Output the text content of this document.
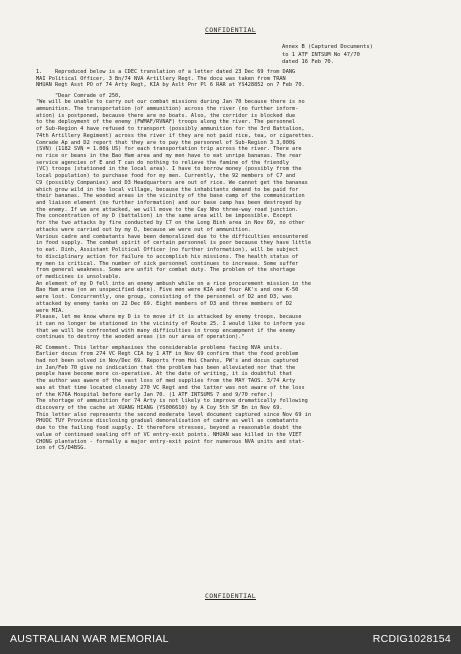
CONFIDENTIAL
Annex B (Captured Documents)
to 1 ATF INTSUM No 47/70
dated 16 Feb 70.
1.    Reproduced below is a CDEC translation of a letter dated 23 Dec 69 from DANG
MAI Political Officer, 3 Bn/74 NVA Artillery Regt. The docu was taken from TRAN
NHUAN Regt Asst PO of 74 Arty Regt, KIA by Aslt Pnr Pl 6 RAR at YS428852 on 7 Feb 70.
"Dear Comrade of 250,
"We will be unable to carry out our combat missions during Jan 70 because there is no
ammunition. The transportation (of ammunition) across the river (no further inform-
ation) is postponed, because there are no boats. Also, the corridor is blocked due
to the deployment of the enemy (FWMAF/RVNAF) troops along the river. The personnel
of Sub-Region 4 have refused to transport (possibly ammunition for the 3rd Battalion,
74th Artillery Regiment) across the river if they are not paid rice, tea, or cigarettes.
Comrade Ap and D2 report that they are to pay the personnel of Sub-Region 3 3,000$
(SVN) (1182 SVN = 1.00$ US) for each transportation trip across the river. There are
no rice or beans in the Bao Ham area and my men have to eat unripe bananas. The rear
service agencies of E and T can do nothing to relieve the famine of the friendly
(VC) troops (stationed in the local area). I have to borrow money (possibly from the
local population) to purchase food for my men. Currently, the 92 members of C7 and
C9 (possibly Companies) and D3 Headquarters are out of rice. We cannot get the bananas
which grow wild in the local village, because the inhabitants demand to be paid for
their bananas. The wooded areas in the vicinity of the base camp of the communication
and liaison element (no further information) and our base camp has been destroyed by
the enemy. If we are attacked, we will move to the Cay Nho three-way road junction.
The concentration of my D (battalion) in the same area will be impossible. Except
for the two attacks by fire conducted by C7 on the Long Binh area in Nov 69, no other
attacks were carried out by my D, because we were out of ammunition.
Various cadre and combatants have been demoralized due to the difficulties encountered
in food supply. The combat spirit of certain personnel is poor because they have little
to eat. Dinh, Assistant Political Officer (no further information), will be subject
to disciplinary action for failure to accomplish his missions. The health status of
my men is critical. The number of sick personnel continues to increase. Some suffer
from general weakness. Some are unfit for combat duty. The problem of the shortage
of medicines is unsolvable.
An element of my D fell into an enemy ambush while on a rice procurement mission in the
Bao Ham area (on an unspecified date). Five men were KIA and four AK's and one K-50
were lost. Concurrently, one group, consisting of the personnel of D2 and D3, was
attacked by enemy tanks on 22 Dec 69. Eight members of D3 and three members of D2
were MIA.
Please, let me know where my D is to move if it is attacked by enemy troops, because
it can no longer be stationed in the vicinity of Route 25. I would like to inform you
that we will be confronted with many difficulties in troop encampment if the enemy
continues to destroy the wooded areas (in our area of operation)."
RC Comment. This letter emphasises the considerable problems facing NVA units.
Earlier docus from 274 VC Regt CIA by 1 ATF in Nov 69 confirm that the food problem
had not been solved in Nov/Dec 69. Reports from Hoi Chanhs, PW's and docus captured
in Jan/Feb 70 give no indication that the problem has been alleviated nor that the
people have become more co-operative. At the date of writing, it is doubtful that
the author was aware of the vast loss of med supplies from the MAY TAOS. 3/74 Arty
was at that time located closeby 270 VC Regt and the latter was not aware of the loss
of the K76A Hospital before early Jan 70. (1 ATF INTSUMS 7 and 9/70 refer.)
The shortage of ammunition for 74 Arty is not likely to improve dramatically following
discovery of the cache at XUANG HIANG (YS006610) by A Coy 5th SF Bn in Nov 69.
This letter also represents the second moderate level document captured since Nov 69 in
PHUOC TUY Province disclosing gradual demoralisation of cadre as well as combatants
due to the failing food supply. It therefore stresses, beyond a reasonable doubt the
value of continued sealing off of VC entry-exit points. NHUAN was killed in the VIET
CHONG plantation - formally a major entry-exit point for numerous NVA units and stat-
ion of C5/D4BSG.
CONFIDENTIAL
AUSTRALIAN WAR MEMORIAL	RCDIG1028154
